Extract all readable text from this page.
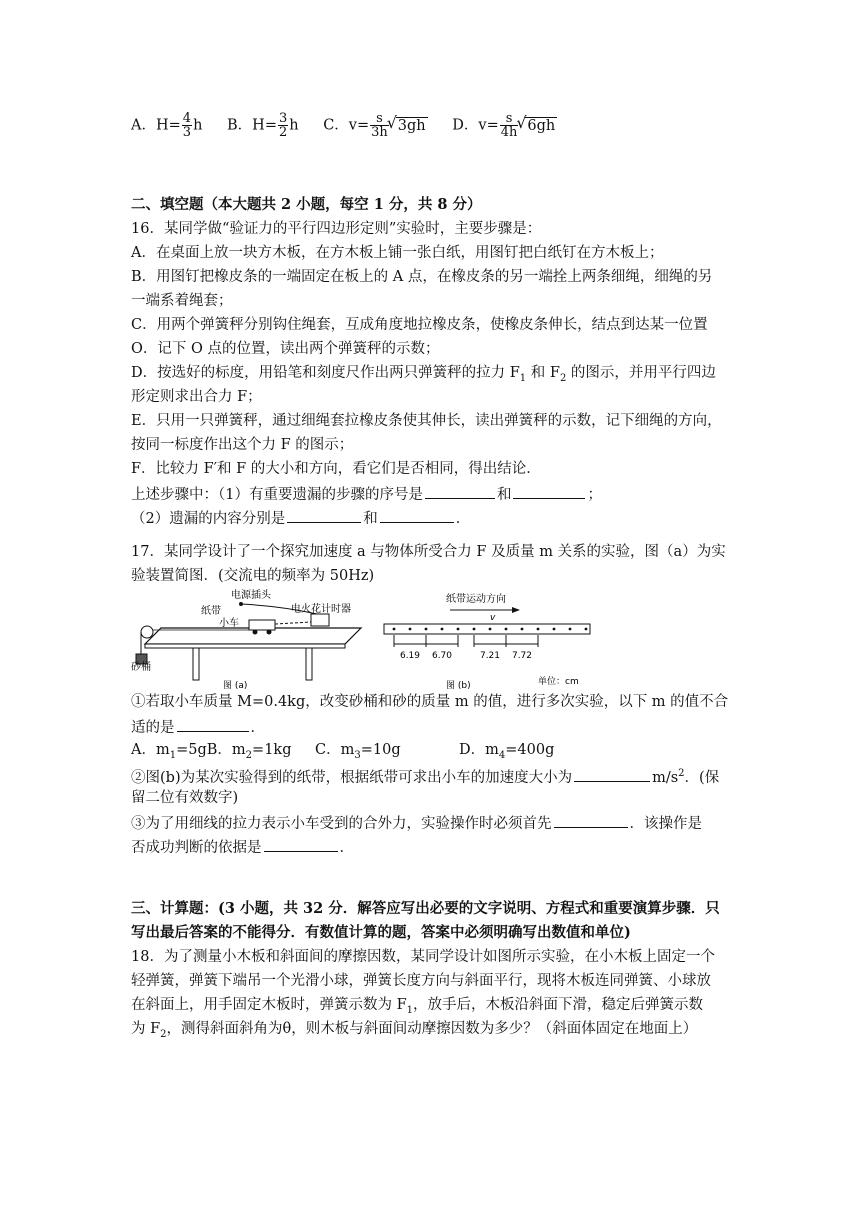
A．$H= \frac{4}{3}$ h B．$H= \frac{3}{2}$ h C．$v= \frac{s}{3h}$ √ 3gh D．$v= \frac{s}{4h}$ √ 6gh
二、填空题（本大题共 2 小题，每空 1 分，共 8 分）
16．某同学做“验证力的平行四边形定则”实验时，主要步骤是：
A．在桌面上放一块方木板，在方木板上铺一张白纸，用图钉把白纸钉在方木板上；
B．用图钉把橡皮条的一端固定在板上的 A 点，在橡皮条的另一端拴上两条细绳，细绳的另
一端系着绳套；
C．用两个弹簧秤分别钩住绳套，互成角度地拉橡皮条，使橡皮条伸长，结点到达某一位置
O．记下 O 点的位置，读出两个弹簧秤的示数；
D．按选好的标度，用铅笔和刻度尺作出两只弹簧秤的拉力 $F_1$ 和 $F_2$ 的图示，并用平行四边
形定则求出合力 F；
E．只用一只弹簧秤，通过细绳套拉橡皮条使其伸长，读出弹簧秤的示数，记下细绳的方向，
按同一标度作出这个力 F 的图示；
F．比较力 F′和 F 的大小和方向，看它们是否相同，得出结论．
上述步骤中：（1）有重要遗漏的步骤的序号是	和	；
（2）遗漏的内容分别是	和	．
17．某同学设计了一个探究加速度 a 与物体所受合力 F 及质量 m 关系的实验，图（a）为实
验装置简图．(交流电的频率为 50Hz)
电源插头
纸带	电火花计时器
小车
砂桶
图 (a)
纸带运动方向
v
6.19 6.70	7.21 7.72
图 (b)	单位：cm
①若取小车质量 M=0.4kg，改变砂桶和砂的质量 m 的值，进行多次实验，以下 m 的值不合
适的是	．
A．$m_1=5gB$．$m_2=1kg$ C．$m_3=10g$	D．$m_4=400g$
②图(b)为某次实验得到的纸带，根据纸带可求出小车的加速度大小为	$m/s^2$．(保
留二位有效数字)
③为了用细线的拉力表示小车受到的合外力，实验操作时必须首先	．该操作是
否成功判断的依据是	．
三、计算题：(3 小题，共 32 分．解答应写出必要的文字说明、方程式和重要演算步骤．只
写出最后答案的不能得分．有数值计算的题，答案中必须明确写出数值和单位)
18．为了测量小木板和斜面间的摩擦因数，某同学设计如图所示实验，在小木板上固定一个
轻弹簧，弹簧下端吊一个光滑小球，弹簧长度方向与斜面平行，现将木板连同弹簧、小球放
在斜面上，用手固定木板时，弹簧示数为 $F_1$，放手后，木板沿斜面下滑，稳定后弹簧示数
为 $F_2$，测得斜面斜角为θ，则木板与斜面间动摩擦因数为多少？（斜面体固定在地面上）
